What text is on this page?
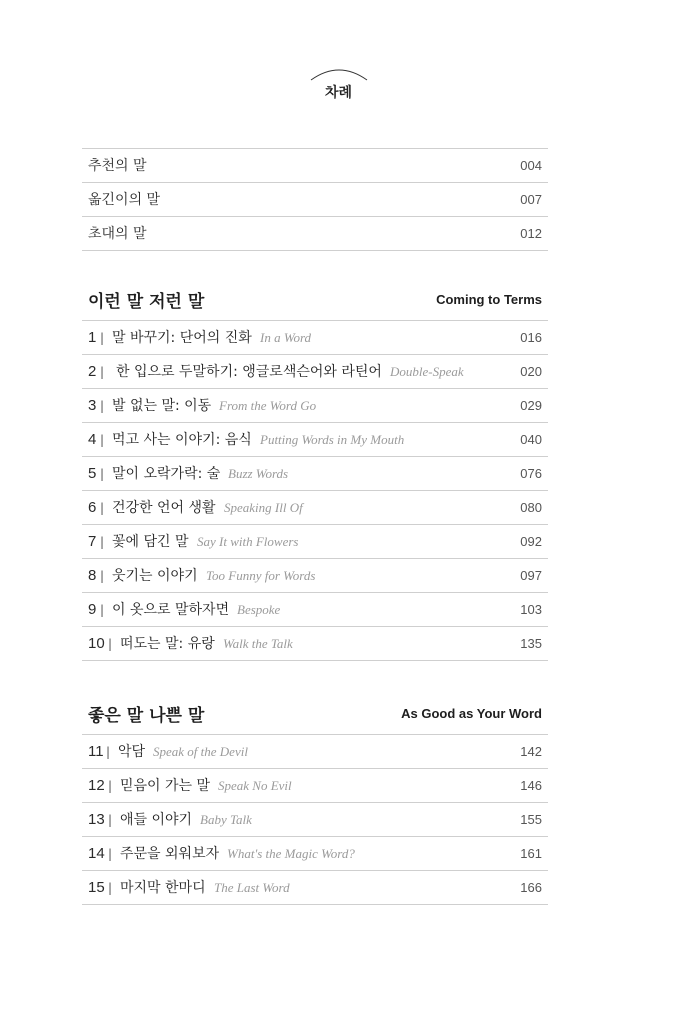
차례
추천의 말	004
옮긴이의 말	007
초대의 말	012
이런 말 저런 말	Coming to Terms
1 | 말 바꾸기: 단어의 진화 In a Word	016
2 | 한 입으로 두말하기: 앵글로색슨어와 라틴어 Double-Speak	020
3 | 발 없는 말: 이동 From the Word Go	029
4 | 먹고 사는 이야기: 음식 Putting Words in My Mouth	040
5 | 말이 오락가락: 술 Buzz Words	076
6 | 건강한 언어 생활 Speaking Ill Of	080
7 | 꽃에 담긴 말 Say It with Flowers	092
8 | 웃기는 이야기 Too Funny for Words	097
9 | 이 옷으로 말하자면 Bespoke	103
10 | 떠도는 말: 유랑 Walk the Talk	135
좋은 말 나쁜 말	As Good as Your Word
11 | 악담 Speak of the Devil	142
12 | 믿음이 가는 말 Speak No Evil	146
13 | 애들 이야기 Baby Talk	155
14 | 주문을 외워보자 What's the Magic Word?	161
15 | 마지막 한마디 The Last Word	166
